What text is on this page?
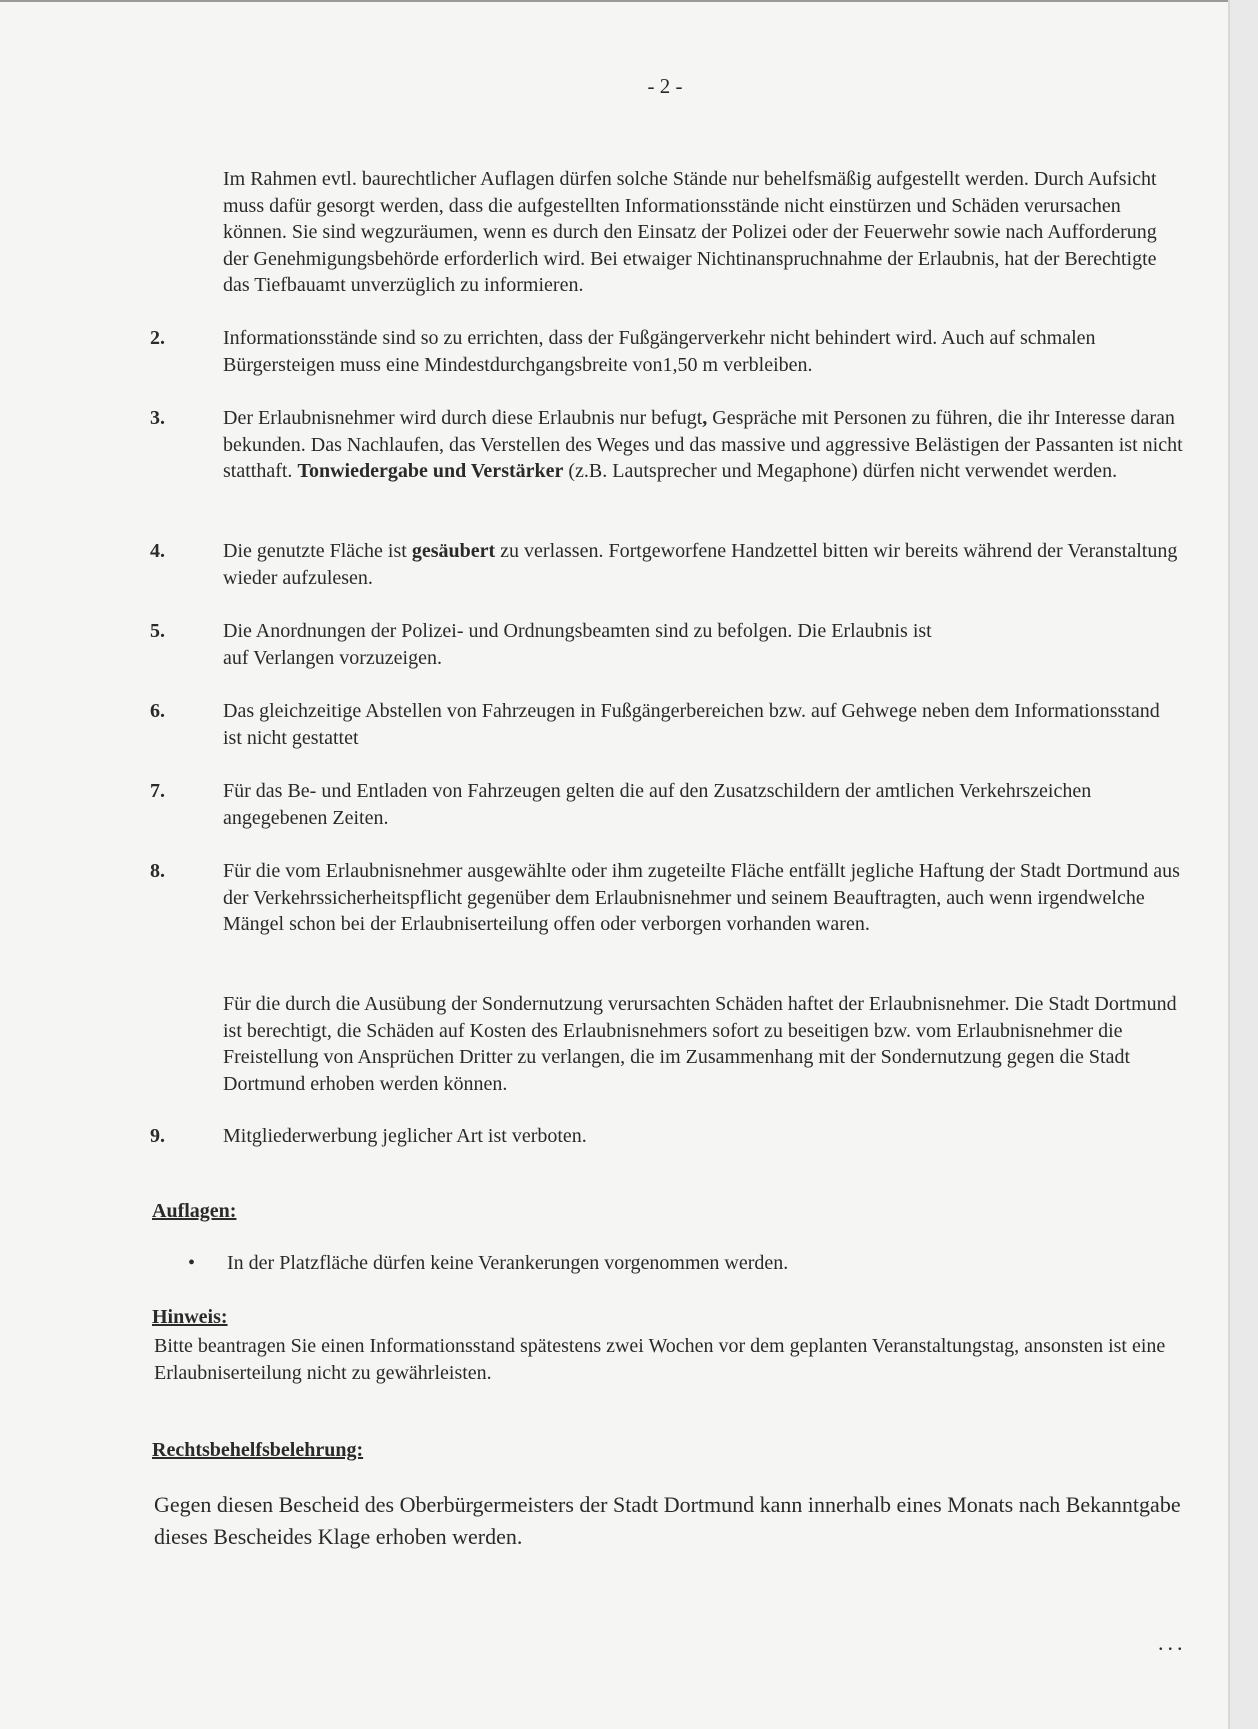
- 2 -
Im Rahmen evtl. baurechtlicher Auflagen dürfen solche Stände nur behelfsmäßig aufgestellt werden. Durch Aufsicht muss dafür gesorgt werden, dass die aufgestellten Informationsstände nicht einstürzen und Schäden verursachen können. Sie sind wegzuräumen, wenn es durch den Einsatz der Polizei oder der Feuerwehr sowie nach Aufforderung der Genehmigungsbehörde erforderlich wird. Bei etwaiger Nichtinanspruchnahme der Erlaubnis, hat der Berechtigte das Tiefbauamt unverzüglich zu informieren.
2.	Informationsstände sind so zu errichten, dass der Fußgängerverkehr nicht behindert wird. Auch auf schmalen Bürgersteigen muss eine Mindestdurchgangsbreite von1,50 m verbleiben.
3.	Der Erlaubnisnehmer wird durch diese Erlaubnis nur befugt, Gespräche mit Personen zu führen, die ihr Interesse daran bekunden. Das Nachlaufen, das Verstellen des Weges und das massive und aggressive Belästigen der Passanten ist nicht statthaft. Tonwiedergabe und Verstärker (z.B. Lautsprecher und Megaphone) dürfen nicht verwendet werden.
4.	Die genutzte Fläche ist gesäubert zu verlassen. Fortgeworfene Handzettel bitten wir bereits während der Veranstaltung wieder aufzulesen.
5.	Die Anordnungen der Polizei- und Ordnungsbeamten sind zu befolgen. Die Erlaubnis ist
auf Verlangen vorzuzeigen.
6.	Das gleichzeitige Abstellen von Fahrzeugen in Fußgängerbereichen bzw. auf Gehwege neben dem Informationsstand ist nicht gestattet
7.	Für das Be- und Entladen von Fahrzeugen gelten die auf den Zusatzschildern der amtlichen Verkehrszeichen angegebenen Zeiten.
8.	Für die vom Erlaubnisnehmer ausgewählte oder ihm zugeteilte Fläche entfällt jegliche Haftung der Stadt Dortmund aus der Verkehrssicherheitspflicht gegenüber dem Erlaubnisnehmer und seinem Beauftragten, auch wenn irgendwelche Mängel schon bei der Erlaubniserteilung offen oder verborgen vorhanden waren.
Für die durch die Ausübung der Sondernutzung verursachten Schäden haftet der Erlaubnisnehmer. Die Stadt Dortmund ist berechtigt, die Schäden auf Kosten des Erlaubnisnehmers sofort zu beseitigen bzw. vom Erlaubnisnehmer die Freistellung von Ansprüchen Dritter zu verlangen, die im Zusammenhang mit der Sondernutzung gegen die Stadt Dortmund erhoben werden können.
9.	Mitgliederwerbung jeglicher Art ist verboten.
Auflagen:
• In der Platzfläche dürfen keine Verankerungen vorgenommen werden.
Hinweis:
Bitte beantragen Sie einen Informationsstand spätestens zwei Wochen vor dem geplanten Veranstaltungstag, ansonsten ist eine Erlaubniserteilung nicht zu gewährleisten.
Rechtsbehelfsbelehrung:
Gegen diesen Bescheid des Oberbürgermeisters der Stadt Dortmund kann innerhalb eines Monats nach Bekanntgabe dieses Bescheides Klage erhoben werden.
...
